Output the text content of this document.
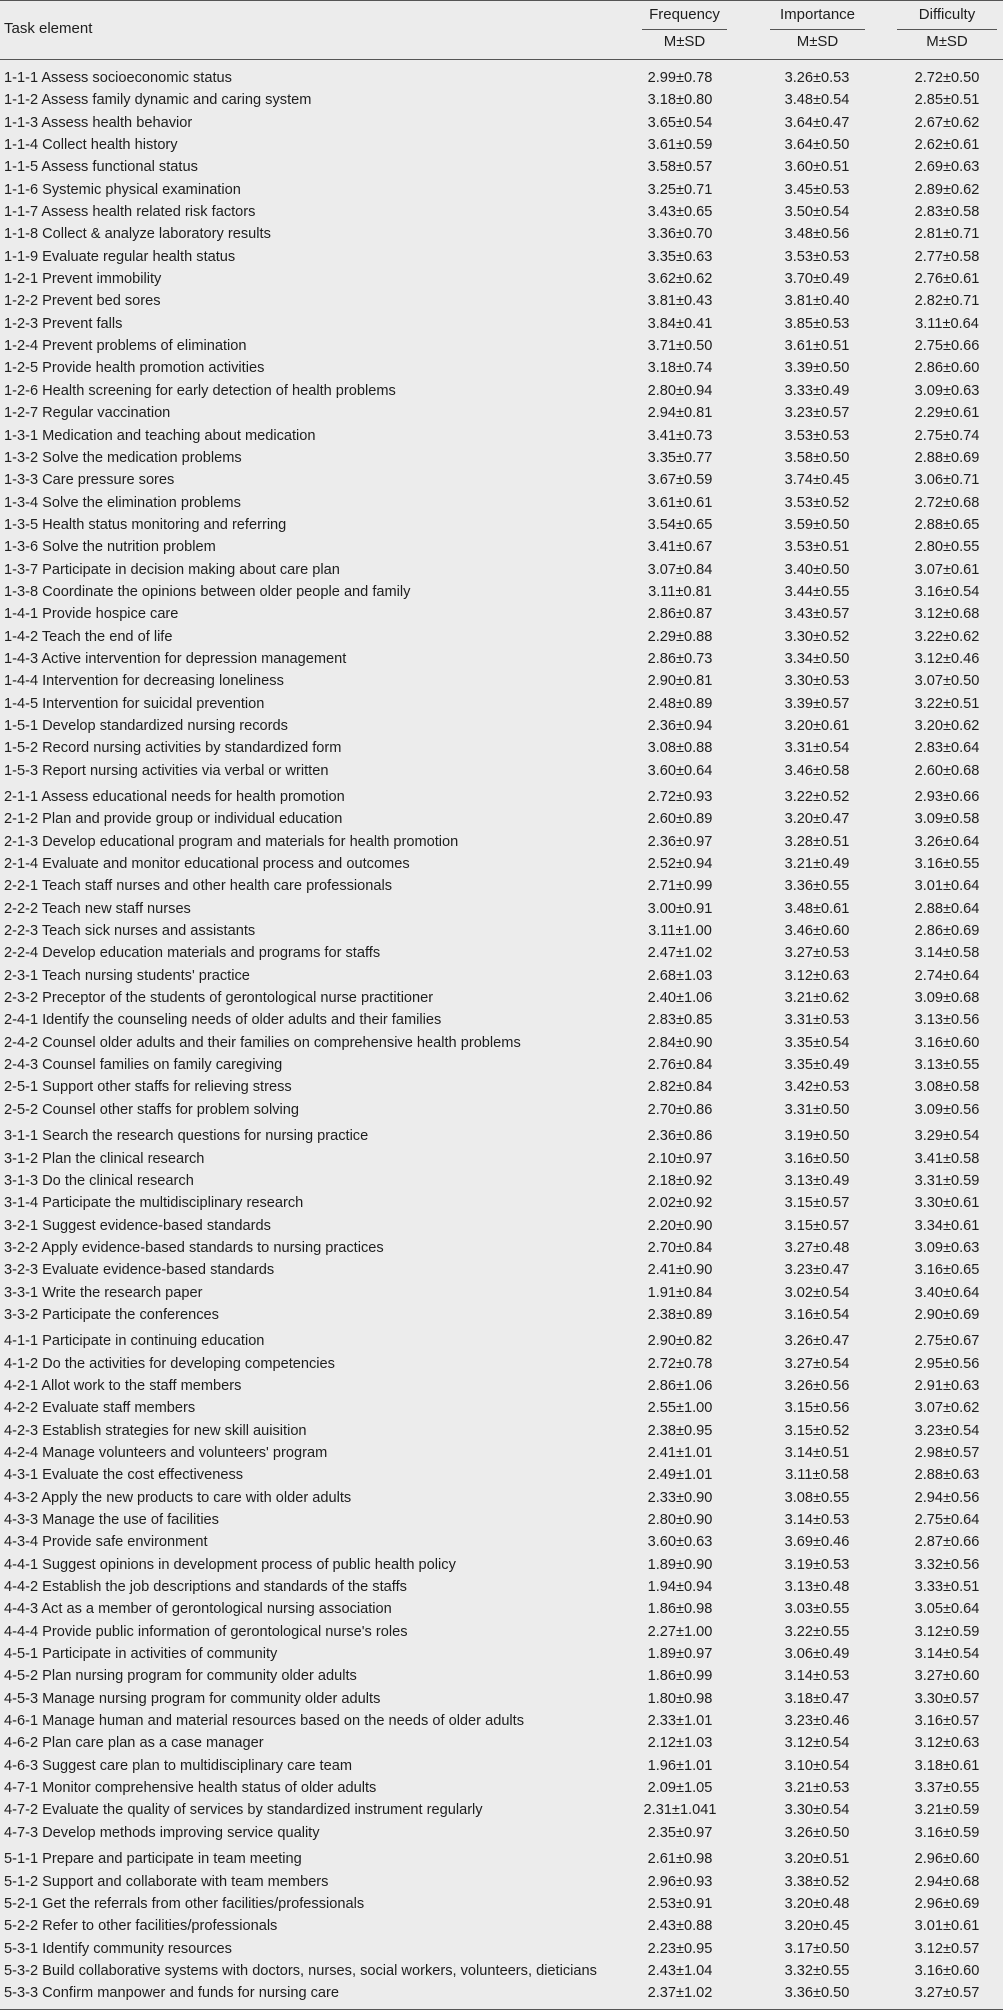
Task element
Frequency
M±SD
Importance
M±SD
Difficulty
M±SD
1-1-1 Assess socioeconomic status	2.99±0.78	3.26±0.53	2.72±0.50
1-1-2 Assess family dynamic and caring system	3.18±0.80	3.48±0.54	2.85±0.51
1-1-3 Assess health behavior	3.65±0.54	3.64±0.47	2.67±0.62
1-1-4 Collect health history	3.61±0.59	3.64±0.50	2.62±0.61
1-1-5 Assess functional status	3.58±0.57	3.60±0.51	2.69±0.63
1-1-6 Systemic physical examination	3.25±0.71	3.45±0.53	2.89±0.62
1-1-7 Assess health related risk factors	3.43±0.65	3.50±0.54	2.83±0.58
1-1-8 Collect & analyze laboratory results	3.36±0.70	3.48±0.56	2.81±0.71
1-1-9 Evaluate regular health status	3.35±0.63	3.53±0.53	2.77±0.58
1-2-1 Prevent immobility	3.62±0.62	3.70±0.49	2.76±0.61
1-2-2 Prevent bed sores	3.81±0.43	3.81±0.40	2.82±0.71
1-2-3 Prevent falls	3.84±0.41	3.85±0.53	3.11±0.64
1-2-4 Prevent problems of elimination	3.71±0.50	3.61±0.51	2.75±0.66
1-2-5 Provide health promotion activities	3.18±0.74	3.39±0.50	2.86±0.60
1-2-6 Health screening for early detection of health problems	2.80±0.94	3.33±0.49	3.09±0.63
1-2-7 Regular vaccination	2.94±0.81	3.23±0.57	2.29±0.61
1-3-1 Medication and teaching about medication	3.41±0.73	3.53±0.53	2.75±0.74
1-3-2 Solve the medication problems	3.35±0.77	3.58±0.50	2.88±0.69
1-3-3 Care pressure sores	3.67±0.59	3.74±0.45	3.06±0.71
1-3-4 Solve the elimination problems	3.61±0.61	3.53±0.52	2.72±0.68
1-3-5 Health status monitoring and referring	3.54±0.65	3.59±0.50	2.88±0.65
1-3-6 Solve the nutrition problem	3.41±0.67	3.53±0.51	2.80±0.55
1-3-7 Participate in decision making about care plan	3.07±0.84	3.40±0.50	3.07±0.61
1-3-8 Coordinate the opinions between older people and family	3.11±0.81	3.44±0.55	3.16±0.54
1-4-1 Provide hospice care	2.86±0.87	3.43±0.57	3.12±0.68
1-4-2 Teach the end of life	2.29±0.88	3.30±0.52	3.22±0.62
1-4-3 Active intervention for depression management	2.86±0.73	3.34±0.50	3.12±0.46
1-4-4 Intervention for decreasing loneliness	2.90±0.81	3.30±0.53	3.07±0.50
1-4-5 Intervention for suicidal prevention	2.48±0.89	3.39±0.57	3.22±0.51
1-5-1 Develop standardized nursing records	2.36±0.94	3.20±0.61	3.20±0.62
1-5-2 Record nursing activities by standardized form	3.08±0.88	3.31±0.54	2.83±0.64
1-5-3 Report nursing activities via verbal or written	3.60±0.64	3.46±0.58	2.60±0.68
2-1-1 Assess educational needs for health promotion	2.72±0.93	3.22±0.52	2.93±0.66
2-1-2 Plan and provide group or individual education	2.60±0.89	3.20±0.47	3.09±0.58
2-1-3 Develop educational program and materials for health promotion	2.36±0.97	3.28±0.51	3.26±0.64
2-1-4 Evaluate and monitor educational process and outcomes	2.52±0.94	3.21±0.49	3.16±0.55
2-2-1 Teach staff nurses and other health care professionals	2.71±0.99	3.36±0.55	3.01±0.64
2-2-2 Teach new staff nurses	3.00±0.91	3.48±0.61	2.88±0.64
2-2-3 Teach sick nurses and assistants	3.11±1.00	3.46±0.60	2.86±0.69
2-2-4 Develop education materials and programs for staffs	2.47±1.02	3.27±0.53	3.14±0.58
2-3-1 Teach nursing students' practice	2.68±1.03	3.12±0.63	2.74±0.64
2-3-2 Preceptor of the students of gerontological nurse practitioner	2.40±1.06	3.21±0.62	3.09±0.68
2-4-1 Identify the counseling needs of older adults and their families	2.83±0.85	3.31±0.53	3.13±0.56
2-4-2 Counsel older adults and their families on comprehensive health problems	2.84±0.90	3.35±0.54	3.16±0.60
2-4-3 Counsel families on family caregiving	2.76±0.84	3.35±0.49	3.13±0.55
2-5-1 Support other staffs for relieving stress	2.82±0.84	3.42±0.53	3.08±0.58
2-5-2 Counsel other staffs for problem solving	2.70±0.86	3.31±0.50	3.09±0.56
3-1-1 Search the research questions for nursing practice	2.36±0.86	3.19±0.50	3.29±0.54
3-1-2 Plan the clinical research	2.10±0.97	3.16±0.50	3.41±0.58
3-1-3 Do the clinical research	2.18±0.92	3.13±0.49	3.31±0.59
3-1-4 Participate the multidisciplinary research	2.02±0.92	3.15±0.57	3.30±0.61
3-2-1 Suggest evidence-based standards	2.20±0.90	3.15±0.57	3.34±0.61
3-2-2 Apply evidence-based standards to nursing practices	2.70±0.84	3.27±0.48	3.09±0.63
3-2-3 Evaluate evidence-based standards	2.41±0.90	3.23±0.47	3.16±0.65
3-3-1 Write the research paper	1.91±0.84	3.02±0.54	3.40±0.64
3-3-2 Participate the conferences	2.38±0.89	3.16±0.54	2.90±0.69
4-1-1 Participate in continuing education	2.90±0.82	3.26±0.47	2.75±0.67
4-1-2 Do the activities for developing competencies	2.72±0.78	3.27±0.54	2.95±0.56
4-2-1 Allot work to the staff members	2.86±1.06	3.26±0.56	2.91±0.63
4-2-2 Evaluate staff members	2.55±1.00	3.15±0.56	3.07±0.62
4-2-3 Establish strategies for new skill auisition	2.38±0.95	3.15±0.52	3.23±0.54
4-2-4 Manage volunteers and volunteers' program	2.41±1.01	3.14±0.51	2.98±0.57
4-3-1 Evaluate the cost effectiveness	2.49±1.01	3.11±0.58	2.88±0.63
4-3-2 Apply the new products to care with older adults	2.33±0.90	3.08±0.55	2.94±0.56
4-3-3 Manage the use of facilities	2.80±0.90	3.14±0.53	2.75±0.64
4-3-4 Provide safe environment	3.60±0.63	3.69±0.46	2.87±0.66
4-4-1 Suggest opinions in development process of public health policy	1.89±0.90	3.19±0.53	3.32±0.56
4-4-2 Establish the job descriptions and standards of the staffs	1.94±0.94	3.13±0.48	3.33±0.51
4-4-3 Act as a member of gerontological nursing association	1.86±0.98	3.03±0.55	3.05±0.64
4-4-4 Provide public information of gerontological nurse's roles	2.27±1.00	3.22±0.55	3.12±0.59
4-5-1 Participate in activities of community	1.89±0.97	3.06±0.49	3.14±0.54
4-5-2 Plan nursing program for community older adults	1.86±0.99	3.14±0.53	3.27±0.60
4-5-3 Manage nursing program for community older adults	1.80±0.98	3.18±0.47	3.30±0.57
4-6-1 Manage human and material resources based on the needs of older adults	2.33±1.01	3.23±0.46	3.16±0.57
4-6-2 Plan care plan as a case manager	2.12±1.03	3.12±0.54	3.12±0.63
4-6-3 Suggest care plan to multidisciplinary care team	1.96±1.01	3.10±0.54	3.18±0.61
4-7-1 Monitor comprehensive health status of older adults	2.09±1.05	3.21±0.53	3.37±0.55
4-7-2 Evaluate the quality of services by standardized instrument regularly	2.31±1.041	3.30±0.54	3.21±0.59
4-7-3 Develop methods improving service quality	2.35±0.97	3.26±0.50	3.16±0.59
5-1-1 Prepare and participate in team meeting	2.61±0.98	3.20±0.51	2.96±0.60
5-1-2 Support and collaborate with team members	2.96±0.93	3.38±0.52	2.94±0.68
5-2-1 Get the referrals from other facilities/professionals	2.53±0.91	3.20±0.48	2.96±0.69
5-2-2 Refer to other facilities/professionals	2.43±0.88	3.20±0.45	3.01±0.61
5-3-1 Identify community resources	2.23±0.95	3.17±0.50	3.12±0.57
5-3-2 Build collaborative systems with doctors, nurses, social workers, volunteers, dieticians	2.43±1.04	3.32±0.55	3.16±0.60
5-3-3 Confirm manpower and funds for nursing care	2.37±1.02	3.36±0.50	3.27±0.57
